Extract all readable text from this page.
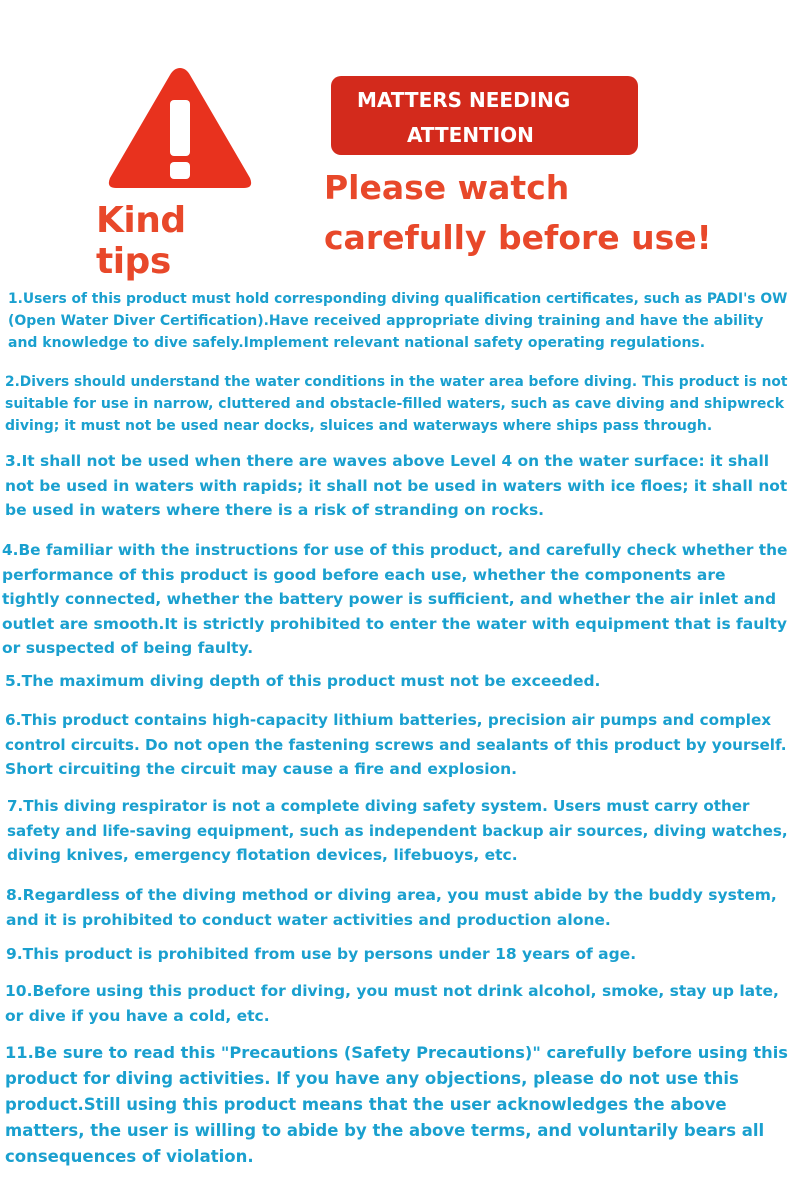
Kind tips
MATTERS NEEDING
ATTENTION
Please watch
carefully before use!
1.Users of this product must hold corresponding diving qualification certificates, such as PADI's OW
(Open Water Diver Certification).Have received appropriate diving training and have the ability
and knowledge to dive safely.Implement relevant national safety operating regulations.
2.Divers should understand the water conditions in the water area before diving. This product is not
suitable for use in narrow, cluttered and obstacle-filled waters, such as cave diving and shipwreck
diving; it must not be used near docks, sluices and waterways where ships pass through.
3.It shall not be used when there are waves above Level 4 on the water surface: it shall
not be used in waters with rapids; it shall not be used in waters with ice floes; it shall not
be used in waters where there is a risk of stranding on rocks.
4.Be familiar with the instructions for use of this product, and carefully check whether the
performance of this product is good before each use, whether the components are
tightly connected, whether the battery power is sufficient, and whether the air inlet and
outlet are smooth.It is strictly prohibited to enter the water with equipment that is faulty
or suspected of being faulty.
5.The maximum diving depth of this product must not be exceeded.
6.This product contains high-capacity lithium batteries, precision air pumps and complex
control circuits. Do not open the fastening screws and sealants of this product by yourself.
Short circuiting the circuit may cause a fire and explosion.
7.This diving respirator is not a complete diving safety system. Users must carry other
safety and life-saving equipment, such as independent backup air sources, diving watches,
diving knives, emergency flotation devices, lifebuoys, etc.
8.Regardless of the diving method or diving area, you must abide by the buddy system,
and it is prohibited to conduct water activities and production alone.
9.This product is prohibited from use by persons under 18 years of age.
10.Before using this product for diving, you must not drink alcohol, smoke, stay up late,
or dive if you have a cold, etc.
11.Be sure to read this "Precautions (Safety Precautions)" carefully before using this
product for diving activities. If you have any objections, please do not use this
product.Still using this product means that the user acknowledges the above
matters, the user is willing to abide by the above terms, and voluntarily bears all
consequences of violation.
